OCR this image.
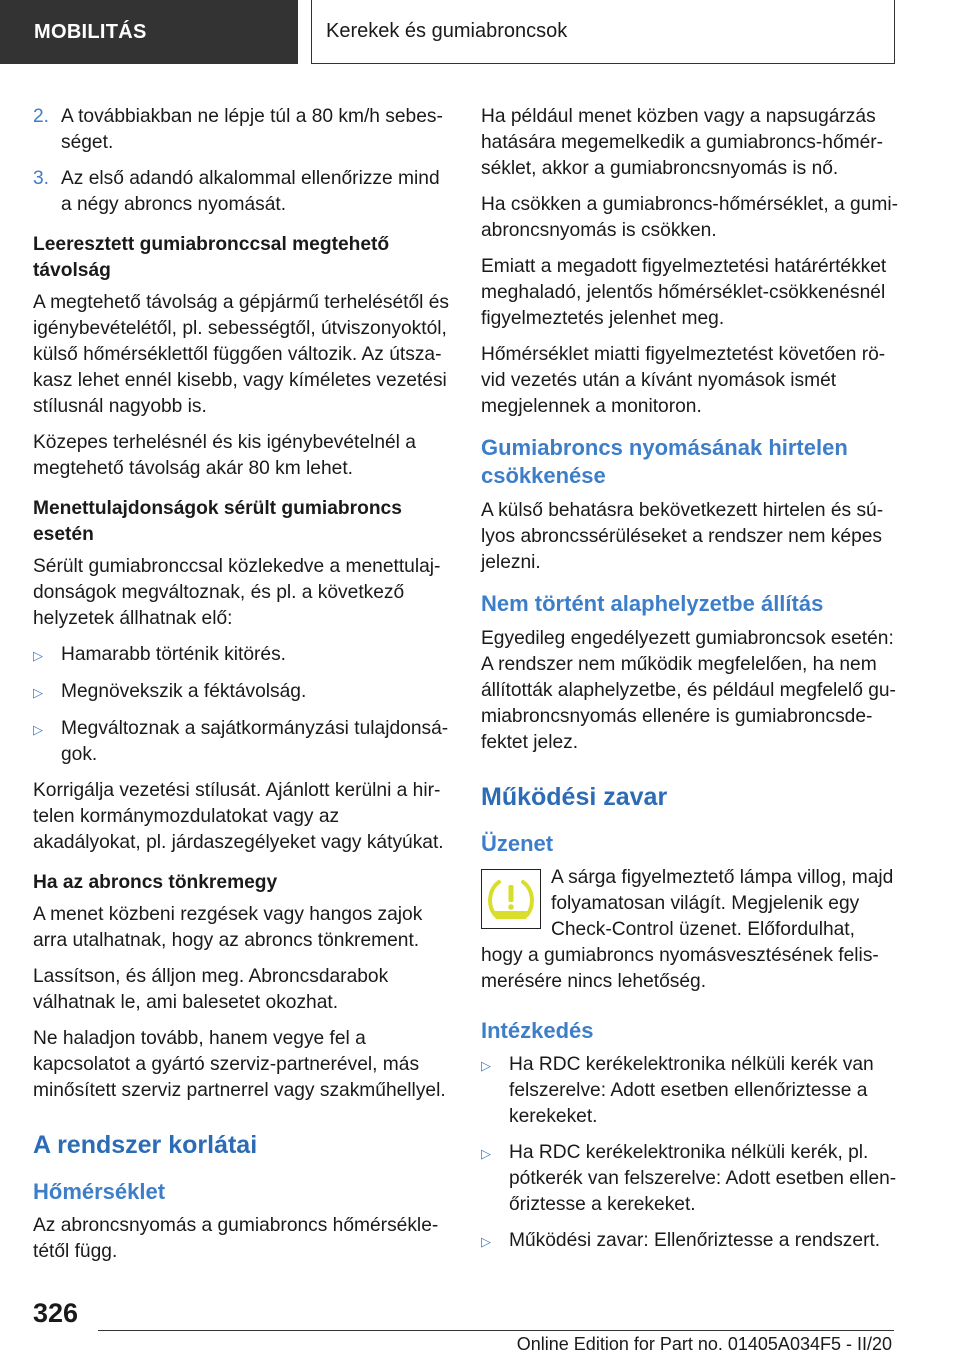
MOBILITÁS	Kerekek és gumiabroncsok
2. A továbbiakban ne lépje túl a 80 km/h sebességet.
3. Az első adandó alkalommal ellenőrizze mind a négy abroncs nyomását.
Leeresztett gumiabronccsal megtehető távolság

A megtehető távolság a gépjármű terhelésétől és igénybevételétől, pl. sebességtől, útviszonyoktól, külső hőmérséklettől függően változik. Az útszakasz lehet ennél kisebb, vagy kíméletes vezetési stílusnál nagyobb is.

Közepes terhelésnél és kis igénybevételnél a megtehető távolság akár 80 km lehet.

Menettulajdonságok sérült gumiabroncs esetén

Sérült gumiabronccsal közlekedve a menettulajdonságok megváltoznak, és pl. a következő helyzetek állhatnak elő:

▷ Hamarabb történik kitörés.
▷ Megnövekszik a féktávolság.
▷ Megváltoznak a sajátkormányzási tulajdonságok.

Korrigálja vezetési stílusát. Ajánlott kerülni a hirtelen kormánymozdulatokat vagy az akadályokat, pl. járdaszegélyeket vagy kátyúkat.

Ha az abroncs tönkremegy

A menet közbeni rezgések vagy hangos zajok arra utalhatnak, hogy az abroncs tönkrement.

Lassítson, és álljon meg. Abroncsdarabok válhatnak le, ami balesetet okozhat.

Ne haladjon tovább, hanem vegye fel a kapcsolatot a gyártó szerviz-partnerével, más minősített szerviz partnerrel vagy szakműhellyel.

A rendszer korlátai
Hőmérséklet

Az abroncsnyomás a gumiabroncs hőmérsékletétől függ.

Ha például menet közben vagy a napsugárzás hatására megemelkedik a gumiabroncs-hőmérséklet, akkor a gumiabroncsnyomás is nő.

Ha csökken a gumiabroncs-hőmérséklet, a gumiabroncsnyomás is csökken.

Emiatt a megadott figyelmeztetési határértékket meghaladó, jelentős hőmérséklet-csökkenésnél figyelmeztetés jelenhet meg.

Hőmérséklet miatti figyelmeztetést követően rövid vezetés után a kívánt nyomások ismét megjelennek a monitoron.

Gumiabroncs nyomásának hirtelen csökkenése

A külső behatásra bekövetkezett hirtelen és súlyos abroncssérüléseket a rendszer nem képes jelezni.

Nem történt alaphelyzetbe állítás

Egyedileg engedélyezett gumiabroncsok esetén: A rendszer nem működik megfelelően, ha nem állították alaphelyzetbe, és például megfelelő gumiabroncsnyomás ellenére is gumiabroncsdefektet jelez.

Működési zavar
Üzenet

A sárga figyelmeztető lámpa villog, majd folyamatosan világít. Megjelenik egy Check-Control üzenet. Előfordulhat, hogy a gumiabroncs nyomásvesztésének felismerésére nincs lehetőség.

Intézkedés
▷ Ha RDC kerékelektronika nélküli kerék van felszerelve: Adott esetben ellenőriztesse a kerekeket.
▷ Ha RDC kerékelektronika nélküli kerék, pl. pótkerék van felszerelve: Adott esetben ellenőriztesse a kerekeket.
▷ Működési zavar: Ellenőriztesse a rendszert.
326
Online Edition for Part no. 01405A034F5 - II/20
